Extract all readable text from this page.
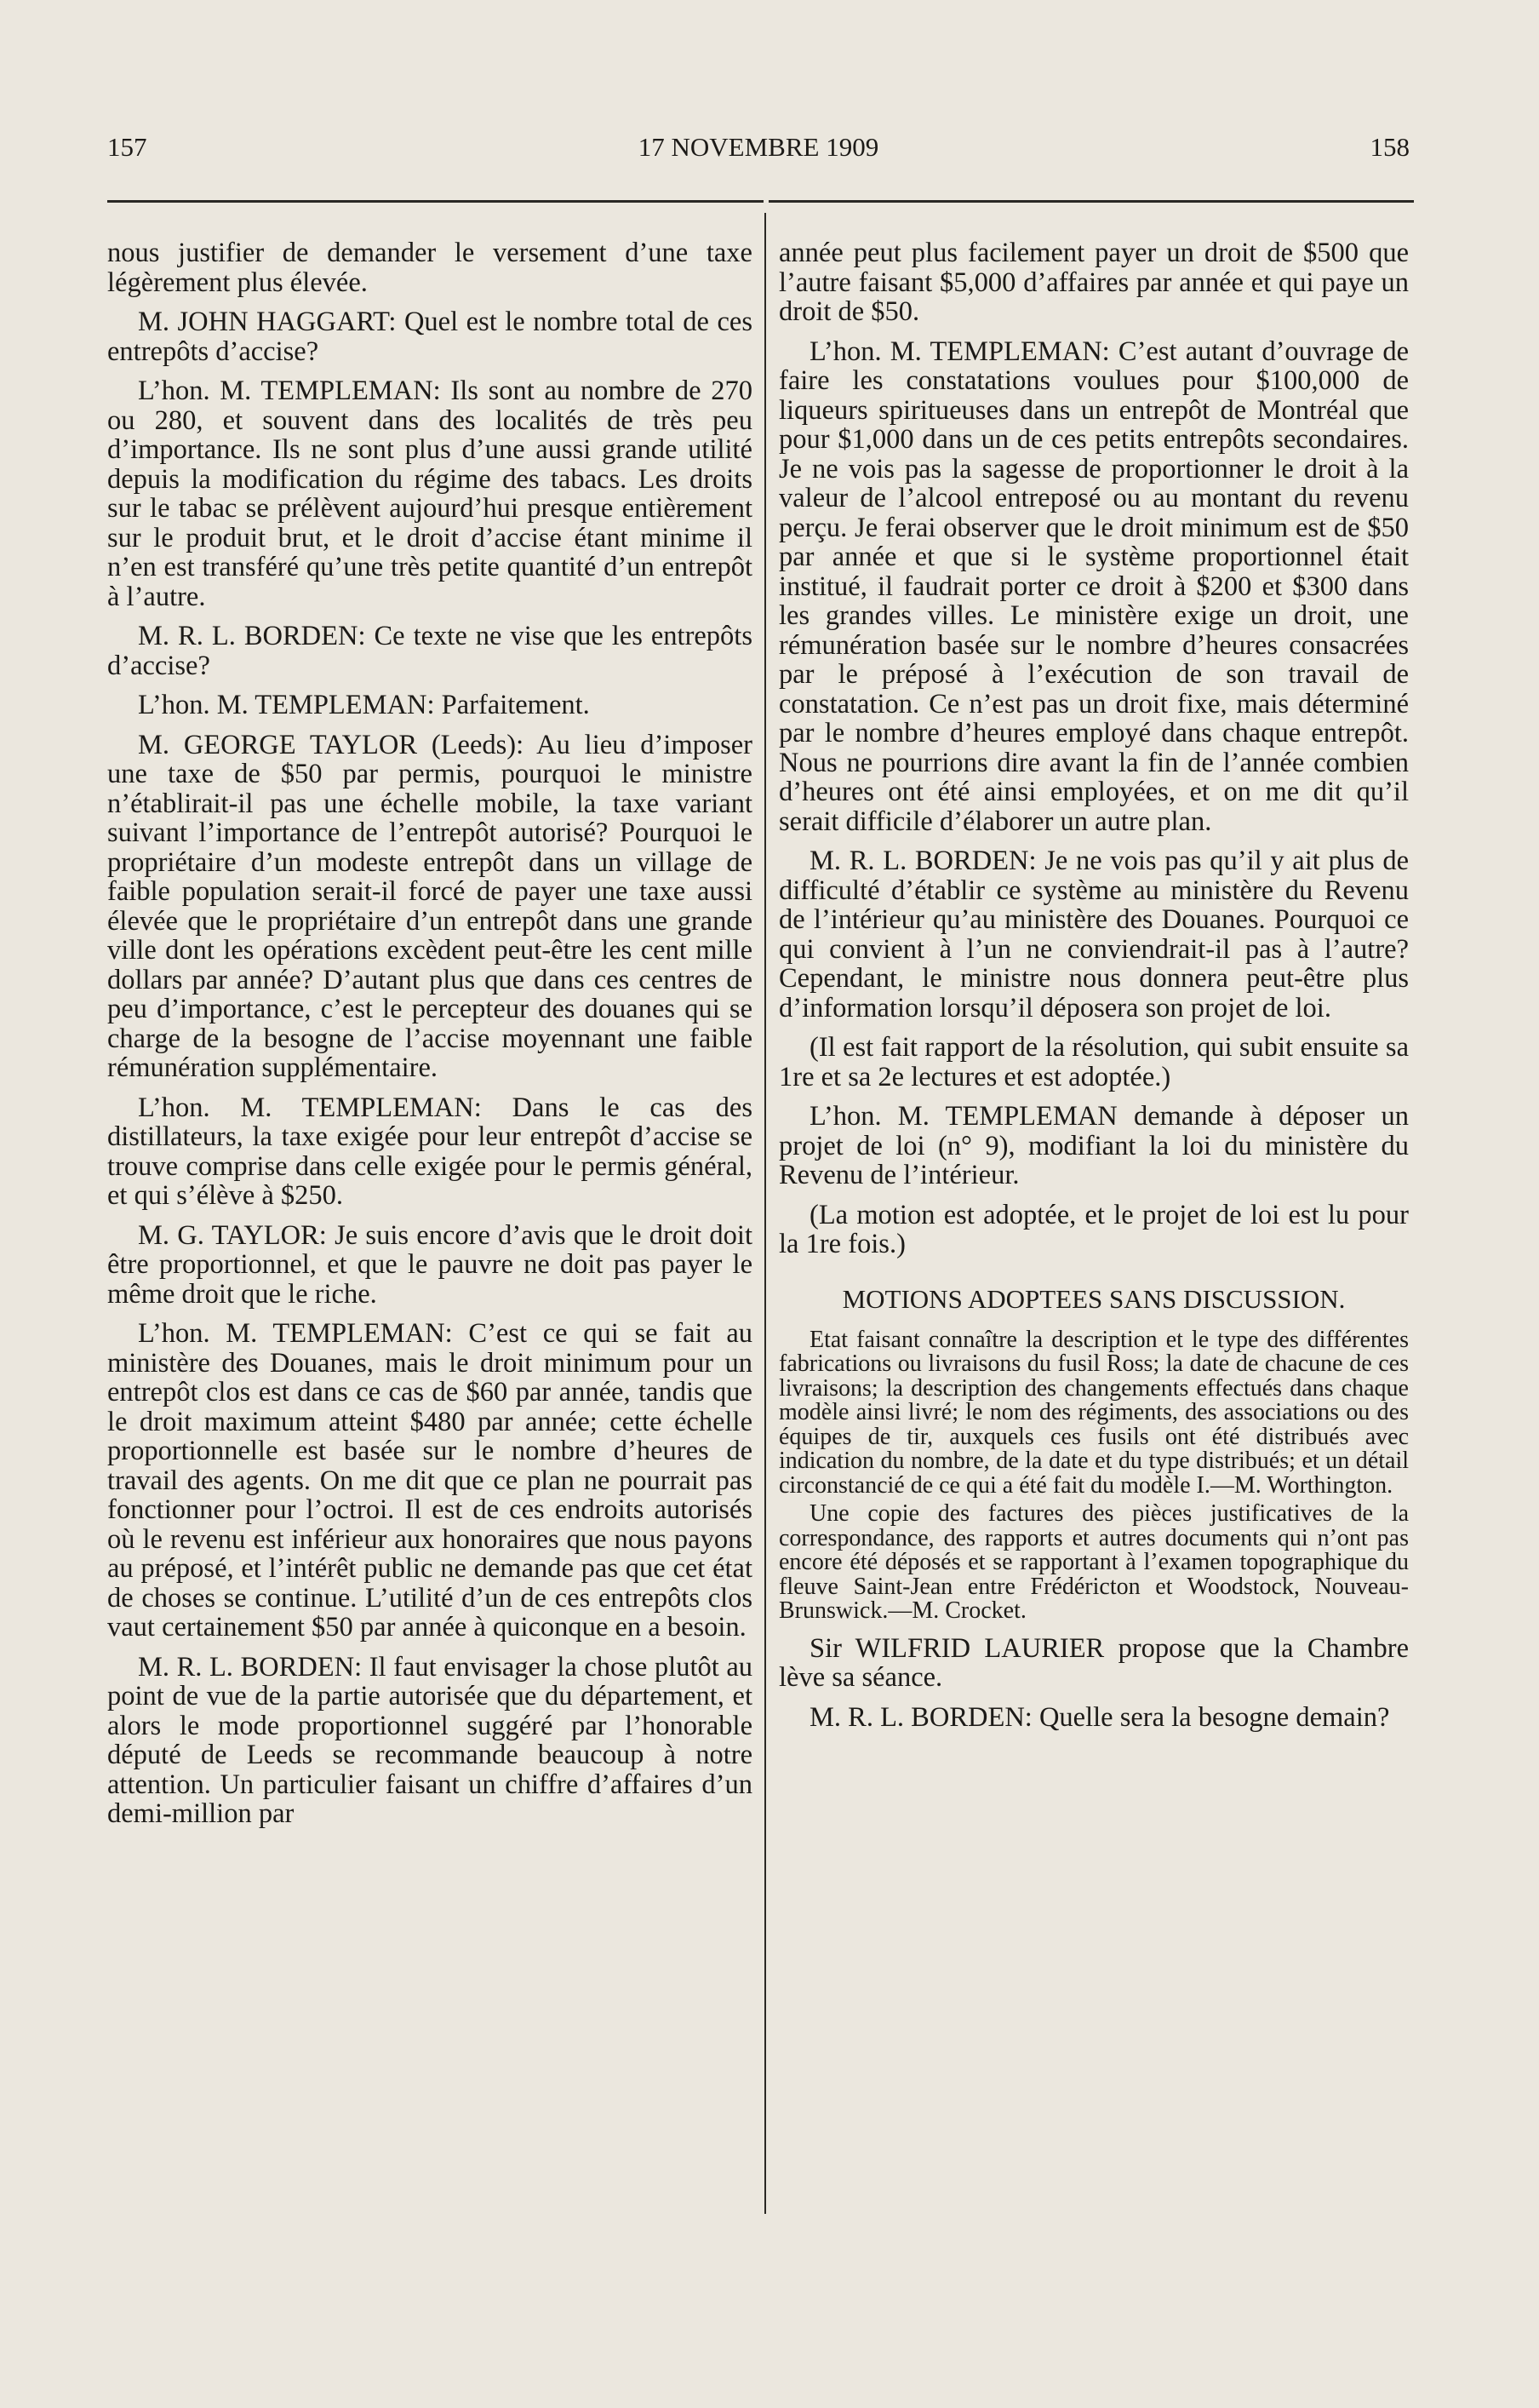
157	17 NOVEMBRE 1909	158

nous justifier de demander le versement d’une taxe légèrement plus élevée.

M. JOHN HAGGART: Quel est le nombre total de ces entrepôts d’accise?

L’hon. M. TEMPLEMAN: Ils sont au nombre de 270 ou 280, et souvent dans des localités de très peu d’importance. Ils ne sont plus d’une aussi grande utilité depuis la modification du régime des tabacs. Les droits sur le tabac se prélèvent aujourd’hui presque entièrement sur le produit brut, et le droit d’accise étant minime il n’en est transféré qu’une très petite quantité d’un entrepôt à l’autre.

M. R. L. BORDEN: Ce texte ne vise que les entrepôts d’accise?

L’hon. M. TEMPLEMAN: Parfaitement.

M. GEORGE TAYLOR (Leeds): Au lieu d’imposer une taxe de $50 par permis, pourquoi le ministre n’établirait-il pas une échelle mobile, la taxe variant suivant l’importance de l’entrepôt autorisé? Pourquoi le propriétaire d’un modeste entrepôt dans un village de faible population serait-il forcé de payer une taxe aussi élevée que le propriétaire d’un entrepôt dans une grande ville dont les opérations excèdent peut-être les cent mille dollars par année? D’autant plus que dans ces centres de peu d’importance, c’est le percepteur des douanes qui se charge de la besogne de l’accise moyennant une faible rémunération supplémentaire.

L’hon. M. TEMPLEMAN: Dans le cas des distillateurs, la taxe exigée pour leur entrepôt d’accise se trouve comprise dans celle exigée pour le permis général, et qui s’élève à $250.

M. G. TAYLOR: Je suis encore d’avis que le droit doit être proportionnel, et que le pauvre ne doit pas payer le même droit que le riche.

L’hon. M. TEMPLEMAN: C’est ce qui se fait au ministère des Douanes, mais le droit minimum pour un entrepôt clos est dans ce cas de $60 par année, tandis que le droit maximum atteint $480 par année; cette échelle proportionnelle est basée sur le nombre d’heures de travail des agents. On me dit que ce plan ne pourrait pas fonctionner pour l’octroi. Il est de ces endroits autorisés où le revenu est inférieur aux honoraires que nous payons au préposé, et l’intérêt public ne demande pas que cet état de choses se continue. L’utilité d’un de ces entrepôts clos vaut certainement $50 par année à quiconque en a besoin.

M. R. L. BORDEN: Il faut envisager la chose plutôt au point de vue de la partie autorisée que du département, et alors le mode proportionnel suggéré par l’honorable député de Leeds se recommande beaucoup à notre attention. Un particulier faisant un chiffre d’affaires d’un demi-million par

année peut plus facilement payer un droit de $500 que l’autre faisant $5,000 d’affaires par année et qui paye un droit de $50.

L’hon. M. TEMPLEMAN: C’est autant d’ouvrage de faire les constatations voulues pour $100,000 de liqueurs spiritueuses dans un entrepôt de Montréal que pour $1,000 dans un de ces petits entrepôts secondaires. Je ne vois pas la sagesse de proportionner le droit à la valeur de l’alcool entreposé ou au montant du revenu perçu. Je ferai observer que le droit minimum est de $50 par année et que si le système proportionnel était institué, il faudrait porter ce droit à $200 et $300 dans les grandes villes. Le ministère exige un droit, une rémunération basée sur le nombre d’heures consacrées par le préposé à l’exécution de son travail de constatation. Ce n’est pas un droit fixe, mais déterminé par le nombre d’heures employé dans chaque entrepôt. Nous ne pourrions dire avant la fin de l’année combien d’heures ont été ainsi employées, et on me dit qu’il serait difficile d’élaborer un autre plan.

M. R. L. BORDEN: Je ne vois pas qu’il y ait plus de difficulté d’établir ce système au ministère du Revenu de l’intérieur qu’au ministère des Douanes. Pourquoi ce qui convient à l’un ne conviendrait-il pas à l’autre? Cependant, le ministre nous donnera peut-être plus d’information lorsqu’il déposera son projet de loi.

(Il est fait rapport de la résolution, qui subit ensuite sa 1re et sa 2e lectures et est adoptée.)

L’hon. M. TEMPLEMAN demande à déposer un projet de loi (n° 9), modifiant la loi du ministère du Revenu de l’intérieur.

(La motion est adoptée, et le projet de loi est lu pour la 1re fois.)

MOTIONS ADOPTEES SANS DISCUSSION.

Etat faisant connaître la description et le type des différentes fabrications ou livraisons du fusil Ross; la date de chacune de ces livraisons; la description des changements effectués dans chaque modèle ainsi livré; le nom des régiments, des associations ou des équipes de tir, auxquels ces fusils ont été distribués avec indication du nombre, de la date et du type distribués; et un détail circonstancié de ce qui a été fait du modèle I.—M. Worthington.

Une copie des factures des pièces justificatives de la correspondance, des rapports et autres documents qui n’ont pas encore été déposés et se rapportant à l’examen topographique du fleuve Saint-Jean entre Frédéricton et Woodstock, Nouveau-Brunswick.—M. Crocket.

Sir WILFRID LAURIER propose que la Chambre lève sa séance.

M. R. L. BORDEN: Quelle sera la besogne demain?
